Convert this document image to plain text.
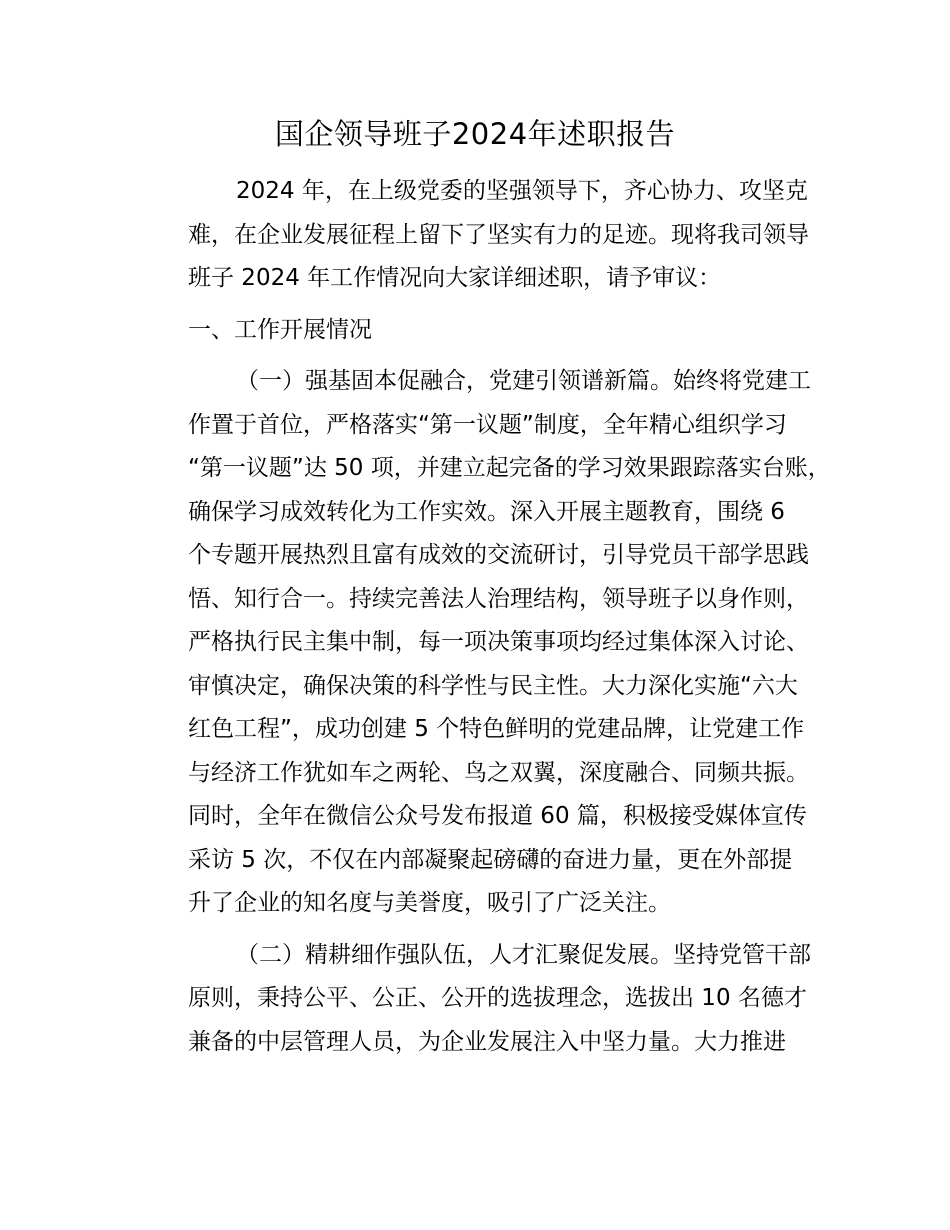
国企领导班子2024年述职报告

2024 年，在上级党委的坚强领导下，齐心协力、攻坚克
难，在企业发展征程上留下了坚实有力的足迹。现将我司领导
班子 2024 年工作情况向大家详细述职，请予审议：

一、工作开展情况

（一）强基固本促融合，党建引领谱新篇。始终将党建工
作置于首位，严格落实“第一议题”制度，全年精心组织学习
“第一议题”达 50 项，并建立起完备的学习效果跟踪落实台账，
确保学习成效转化为工作实效。深入开展主题教育，围绕 6
个专题开展热烈且富有成效的交流研讨，引导党员干部学思践
悟、知行合一。持续完善法人治理结构，领导班子以身作则，
严格执行民主集中制，每一项决策事项均经过集体深入讨论、
审慎决定，确保决策的科学性与民主性。大力深化实施“六大
红色工程”，成功创建 5 个特色鲜明的党建品牌，让党建工作
与经济工作犹如车之两轮、鸟之双翼，深度融合、同频共振。
同时，全年在微信公众号发布报道 60 篇，积极接受媒体宣传
采访 5 次，不仅在内部凝聚起磅礴的奋进力量，更在外部提
升了企业的知名度与美誉度，吸引了广泛关注。

（二）精耕细作强队伍，人才汇聚促发展。坚持党管干部
原则，秉持公平、公正、公开的选拔理念，选拔出 10 名德才
兼备的中层管理人员，为企业发展注入中坚力量。大力推进
